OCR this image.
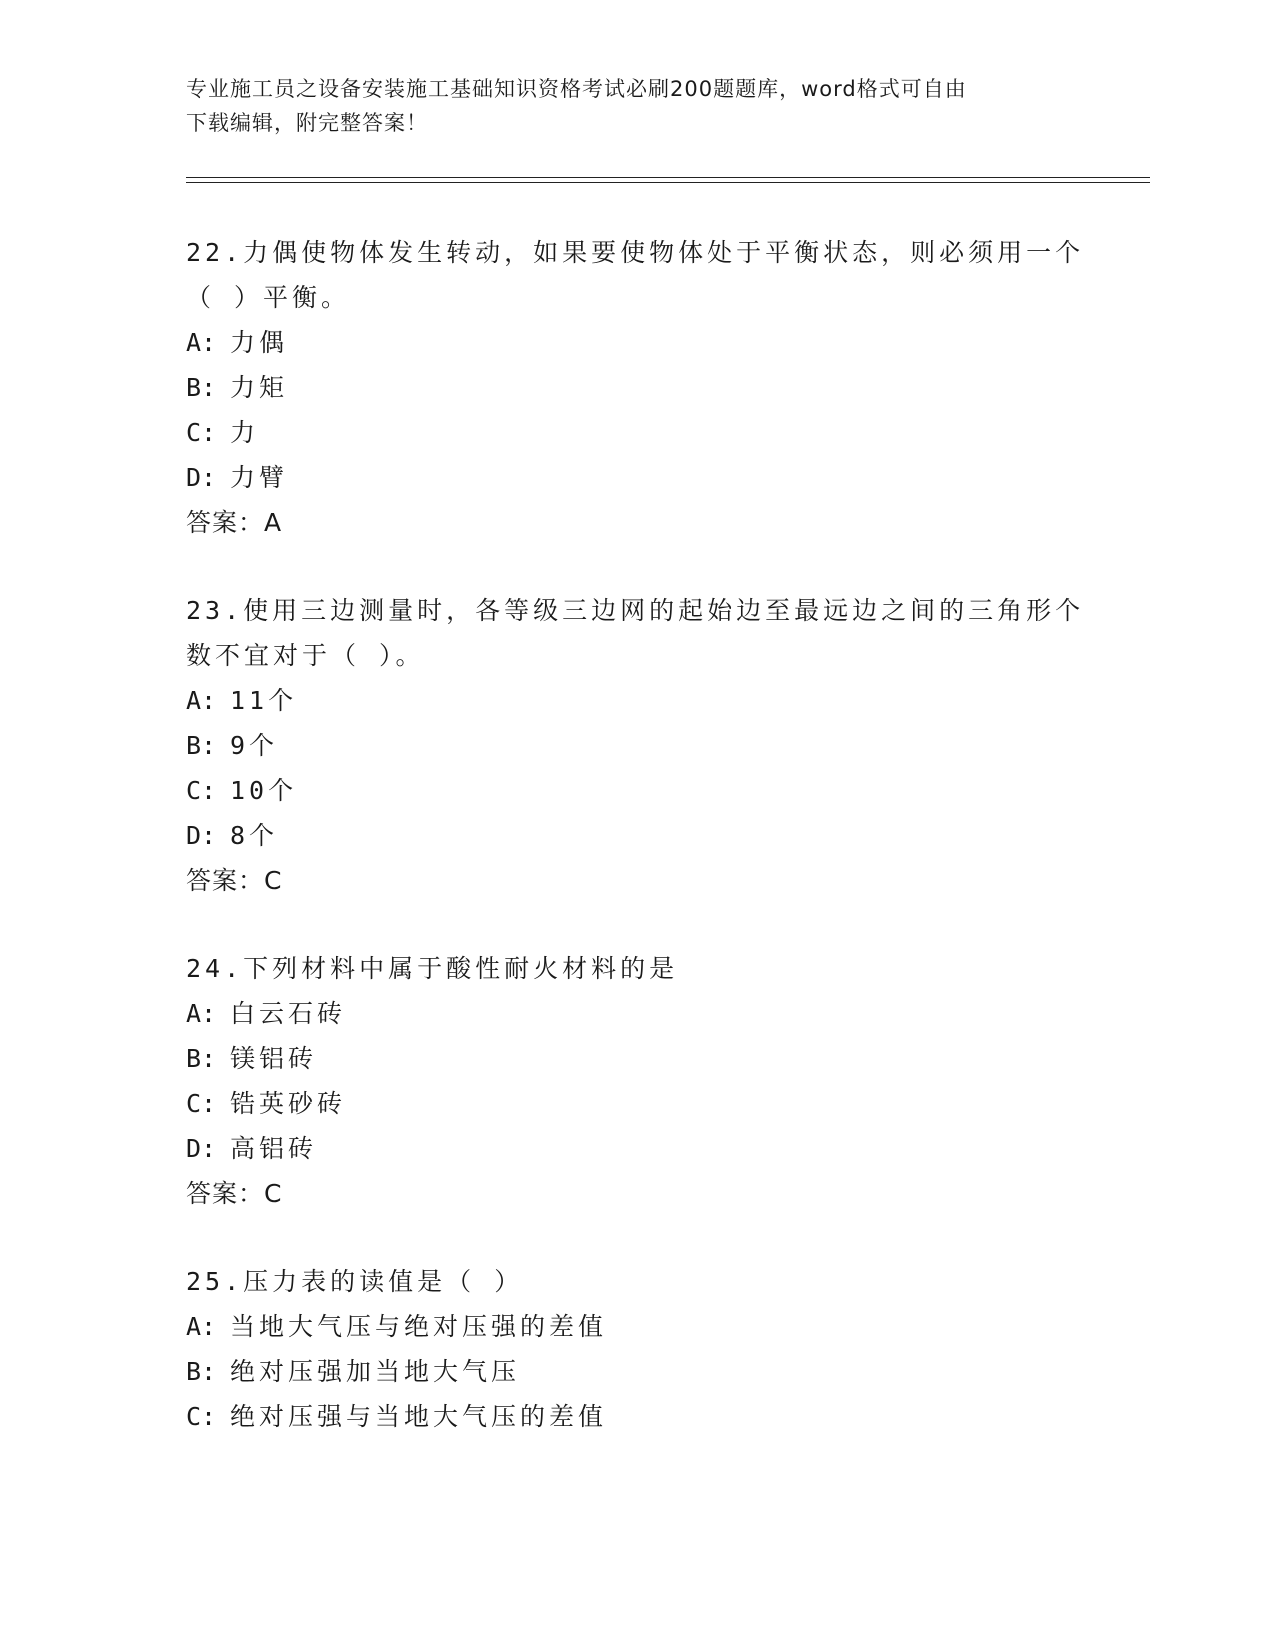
专业施工员之设备安装施工基础知识资格考试必刷200题题库，word格式可自由
下载编辑，附完整答案！
22.力偶使物体发生转动，如果要使物体处于平衡状态，则必须用一个
（ ）平衡。
A: 力偶
B: 力矩
C: 力
D: 力臂
答案：A
23.使用三边测量时，各等级三边网的起始边至最远边之间的三角形个
数不宜对于（ ）。
A: 11个
B: 9个
C: 10个
D: 8个
答案：C
24.下列材料中属于酸性耐火材料的是
A: 白云石砖
B: 镁铝砖
C: 锆英砂砖
D: 高铝砖
答案：C
25.压力表的读值是（ ）
A: 当地大气压与绝对压强的差值
B: 绝对压强加当地大气压
C: 绝对压强与当地大气压的差值
